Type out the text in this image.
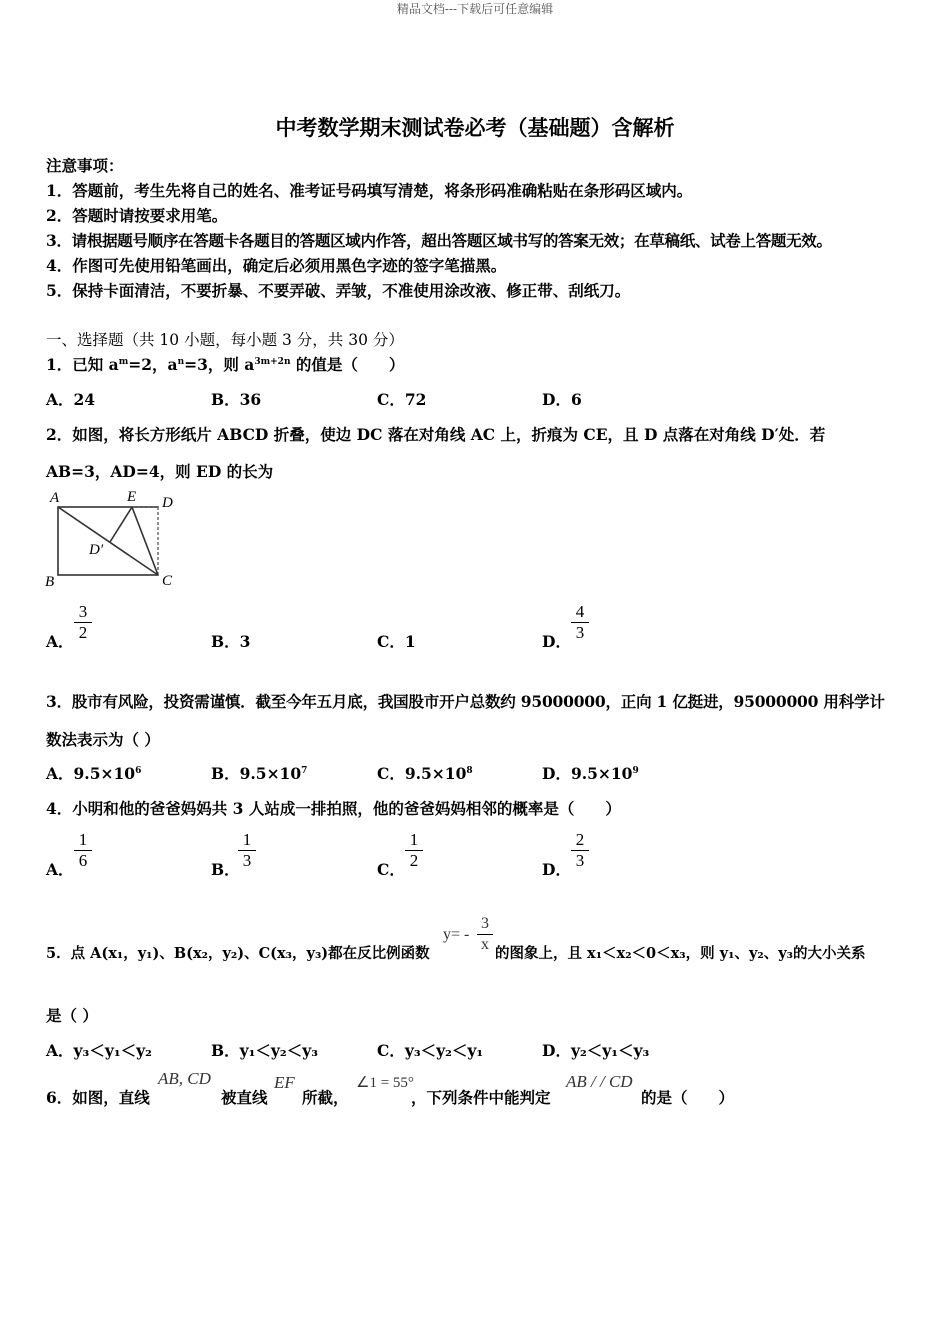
精品文档---下载后可任意编辑
中考数学期末测试卷必考（基础题）含解析
注意事项：
1．答题前，考生先将自己的姓名、准考证号码填写清楚，将条形码准确粘贴在条形码区域内。
2．答题时请按要求用笔。
3．请根据题号顺序在答题卡各题目的答题区域内作答，超出答题区域书写的答案无效；在草稿纸、试卷上答题无效。
4．作图可先使用铅笔画出，确定后必须用黑色字迹的签字笔描黑。
5．保持卡面清洁，不要折暴、不要弄破、弄皱，不准使用涂改液、修正带、刮纸刀。
一、选择题（共 10 小题，每小题 3 分，共 30 分）
1．已知 $a^m=2$，$a^n=3$，则 $a^{3m+2n}$ 的值是（　　）
A．24	B．36	C．72	D．6
2．如图，将长方形纸片 ABCD 折叠，使边 DC 落在对角线 AC 上，折痕为 CE，且 D 点落在对角线 D′处．若
AB=3，AD=4，则 ED 的长为
A	E D
D′
B	C
A． $\frac{3}{2}$	B．3	C．1	D． $\frac{4}{3}$
3．股市有风险，投资需谨慎．截至今年五月底，我国股市开户总数约 95000000，正向 1 亿挺进，95000000 用科学计
数法表示为（ ）
A．$9.5\times 10^6$	B．$9.5\times 10^7$	C．$9.5\times 10^8$	D．$9.5\times 10^9$
4．小明和他的爸爸妈妈共 3 人站成一排拍照，他的爸爸妈妈相邻的概率是（　　）
A． $\frac{1}{6}$	B．
$\frac{1}{3}$	C． $\frac{1}{2}$	D． $\frac{2}{3}$
5．点 A(x₁，y₁)、B(x₂，y₂)、C(x₃，y₃)都在反比例函数
$y= - \frac{3}{x}$ 的图象上，且 x₁＜x₂＜0＜x₃，则 y₁、y₂、y₃的大小关系
是（ ）
A．y₃＜y₁＜y₂	B．y₁＜y₂＜y₃	C．y₃＜y₂＜y₁	D．y₂＜y₁＜y₃
6．如图，直线
AB, CD
被直线
EF
所截，
∠1 = 55°
，下列条件中能判定
AB / / CD
的是（　　）
